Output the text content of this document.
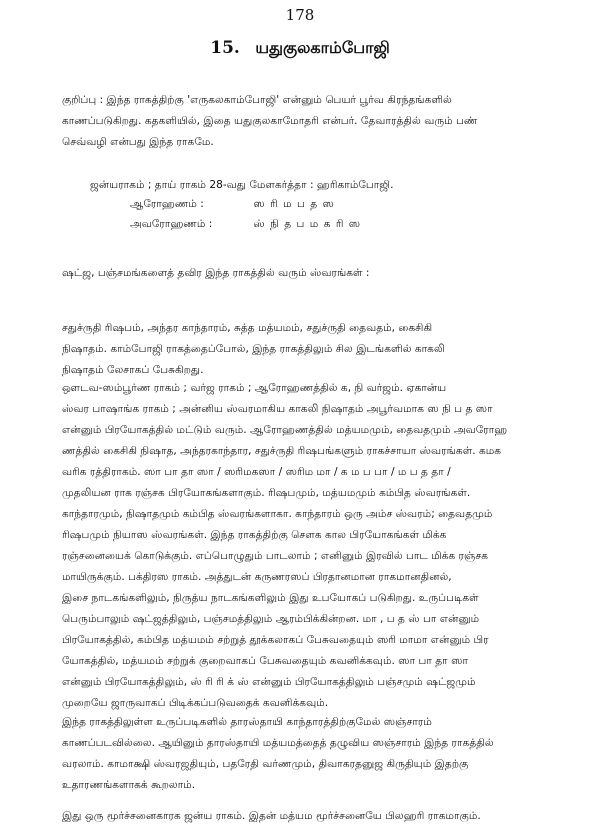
178
15. யதுகுலகாம்போஜி
குறிப்பு : இந்த ராகத்திற்கு 'எருகலகாம்போஜி' என்னும் பெயர் பூர்வ கிரந்தங்களில்
காணப்படுகிறது. கதகளியில், இதை யதுகுலகாமோதரி என்பர். தேவாரத்தில் வரும் பண்
செவ்வழி என்பது இந்த ராகமே.
ஜன்யராகம் ; தாய் ராகம் 28-வது மேளகர்த்தா : ஹரிகாம்போஜி.
ஆரோஹணம் :	ஸ ரி ம ப த ஸ
அவரோஹணம் :	ஸ் நி த ப ம க ரி ஸ
ஷட்ஜ, பஞ்சமங்களைத் தவிர இந்த ராகத்தில் வரும் ஸ்வரங்கள் :
சதுச்ருதி ரிஷபம், அந்தர காந்தாரம், சுத்த மத்யமம், சதுச்ருதி தைவதம், கைசிகி
நிஷாதம். காம்போஜி ராகத்தைப்போல், இந்த ராகத்திலும் சில இடங்களில் காகலி
நிஷாதம் லேசாகப் பேசுகிறது.
ஔடவ-ஸம்பூர்ண ராகம் ; வர்ஜ ராகம் ; ஆரோஹணத்தில் க, நி வர்ஜம். ஏகான்ய
ஸ்வர பாஷாங்க ராகம் ; அன்னிய ஸ்வரமாகிய காகலி நிஷாதம் அபூர்வமாக ஸ நி ப த ஸா
என்னும் பிரயோகத்தில் மட்டும் வரும். ஆரோஹணத்தில் மத்யமமும், தைவதமும் அவரோஹ
ணத்தில் கைசிகி நிஷாத, அந்தரகாந்தார, சதுச்ருதி ரிஷபங்களும் ராகச்சாயா ஸ்வரங்கள். கமக
வரிக ரத்திராகம். ஸா பா தா ஸா / ஸரிமகஸா / ஸரிம மா / க ம ப பா / ம ப த தா /
முதலியன ராக ரஞ்சக பிரயோகங்களாகும். ரிஷபமும், மத்யமமும் கம்பித ஸ்வரங்கள்.
காந்தாரமும், நிஷாதமும் கம்பித ஸ்வரங்களாகா. காந்தாரம் ஒரு அம்ச ஸ்வரம்; தைவதமும்
ரிஷபமும் நியாஸ ஸ்வரங்கள். இந்த ராகத்திற்கு சௌக கால பிரயோகங்கள் மிக்க
ரஞ்சனையைக் கொடுக்கும். எப்பொழுதும் பாடலாம் ; எனினும் இரவில் பாட மிக்க ரஞ்சக
மாயிருக்கும். பக்திரஸ ராகம். அத்துடன் கருணரஸப் பிரதானமான ராகமானதினல்,
இசை நாடகங்களிலும், நிருத்ய நாடகங்களிலும் இது உபயோகப் படுகிறது. உருப்படிகள்
பெரும்பாலும் ஷட்ஜத்திலும், பஞ்சமத்திலும் ஆரம்பிக்கின்றன. மா , ப த ஸ் பா என்னும்
பிரயோகத்தில், கம்பித மத்யமம் சற்றுத் தூக்கலாகப் பேசுவதையும் ஸரி மாமா என்னும் பிர
யோகத்தில், மத்யமம் சற்றுக் குறைவாகப் பேசுவதையும் கவனிக்கவும். ஸா பா தா ஸா
என்னும் பிரயோகத்திலும், ஸ் ரி ரி க் ஸ் என்னும் பிரயோகத்திலும் பஞ்சமும் ஷட்ஜமும்
முறையே ஜாருவாகப் பிடிக்கப்படுவதைக் கவனிக்கவும்.
இந்த ராகத்திலுள்ள உருப்படிகளில் தாரஸ்தாயி காந்தாரத்திற்குமேல் ஸஞ்சாரம்
காணப்படவில்லை. ஆயினும் தாரஸ்தாயி மத்யமத்தைத் தழுவிய ஸஞ்சாரம் இந்த ராகத்தில்
வரலாம். காமாக்ஷி ஸ்வரஜதியும், பதரேதி வர்ணமும், திவாகரதனுஜ கிருதியும் இதற்கு
உதாரணங்களாகக் கூறலாம்.
இது ஒரு மூர்ச்சனைகாரக ஜன்ய ராகம். இதன் மத்யம மூர்ச்சனையே பிலஹரி ராகமாகும்.
